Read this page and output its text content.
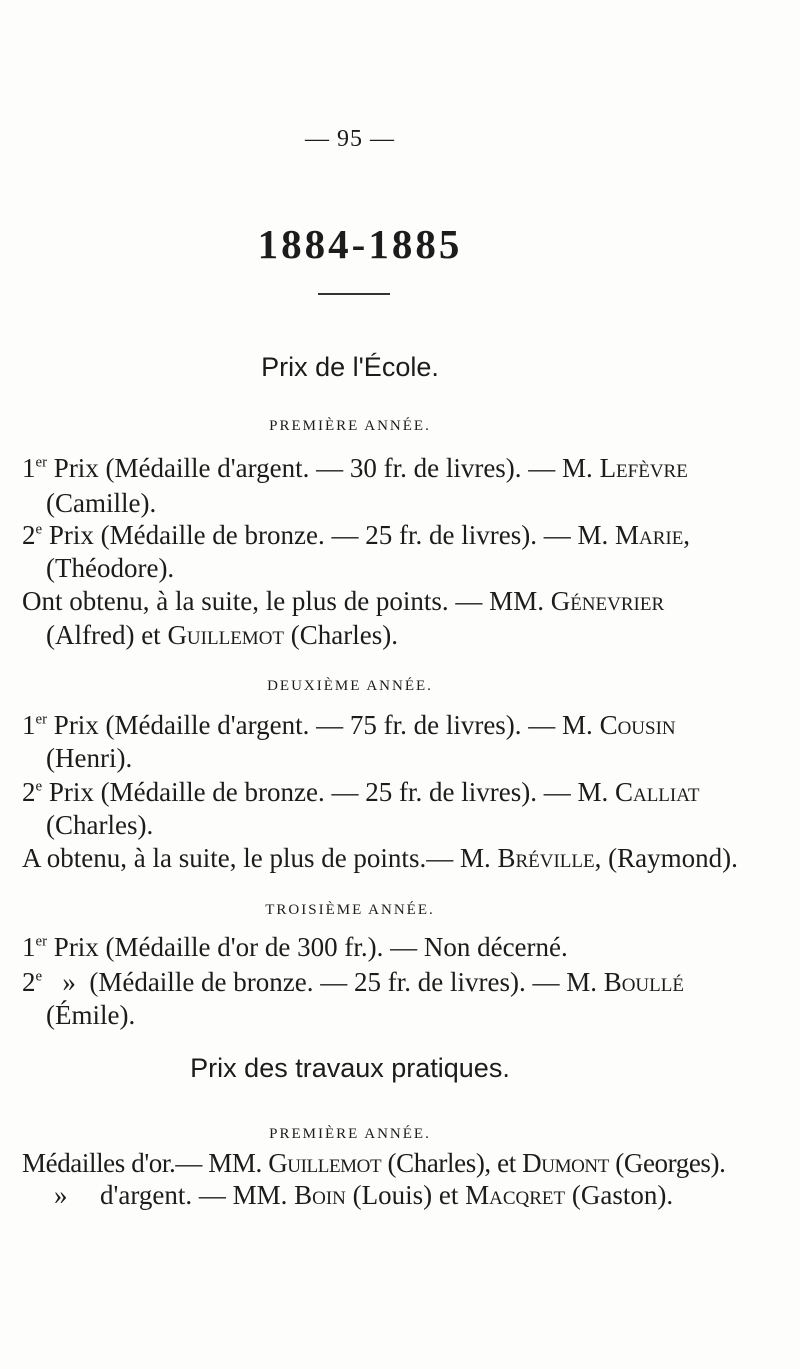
— 95 —
1884-1885
Prix de l'École.
PREMIÈRE ANNÉE.
1er Prix (Médaille d'argent. — 30 fr. de livres). — M. Lefèvre
(Camille).
2e Prix (Médaille de bronze. — 25 fr. de livres). — M. Marie,
(Théodore).
Ont obtenu, à la suite, le plus de points. — MM. Génevrier
(Alfred) et Guillemot (Charles).
DEUXIÈME ANNÉE.
1er Prix (Médaille d'argent. — 75 fr. de livres). — M. Cousin
(Henri).
2e Prix (Médaille de bronze. — 25 fr. de livres). — M. Calliat
(Charles).
A obtenu, à la suite, le plus de points.— M. Bréville, (Raymond).
TROISIÈME ANNÉE.
1er Prix (Médaille d'or de 300 fr.). — Non décerné.
2e   »  (Médaille de bronze. — 25 fr. de livres). — M. Boullé
(Émile).
Prix des travaux pratiques.
PREMIÈRE ANNÉE.
Médailles d'or.— MM. Guillemot (Charles), et Dumont (Georges).
» d'argent. — MM. Boin (Louis) et Macqret (Gaston).
